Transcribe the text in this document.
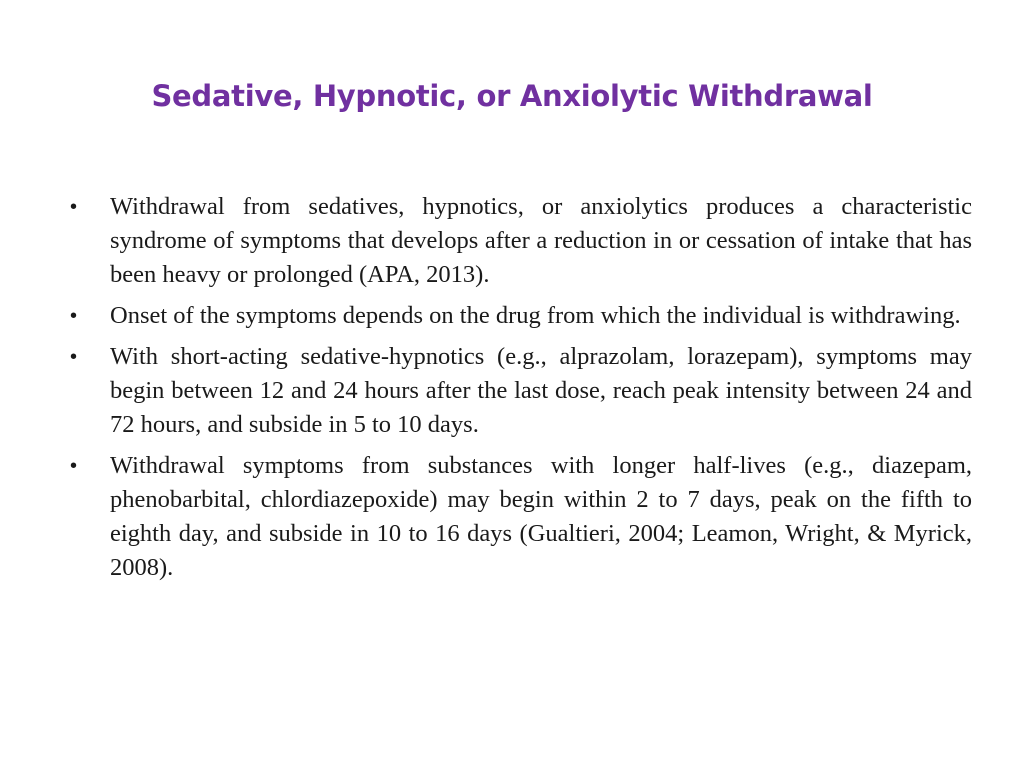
Sedative, Hypnotic, or Anxiolytic Withdrawal
•	Withdrawal from sedatives, hypnotics, or anxiolytics produces a characteristic syndrome of symptoms that develops after a reduction in or cessation of intake that has been heavy or prolonged (APA, 2013).
•	Onset of the symptoms depends on the drug from which the individual is withdrawing.
•	With short-acting sedative-hypnotics (e.g., alprazolam, lorazepam), symptoms may begin between 12 and 24 hours after the last dose, reach peak intensity between 24 and 72 hours, and subside in 5 to 10 days.
•	Withdrawal symptoms from substances with longer half-lives (e.g., diazepam, phenobarbital, chlordiazepoxide) may begin within 2 to 7 days, peak on the fifth to eighth day, and subside in 10 to 16 days (Gualtieri, 2004; Leamon, Wright, & Myrick, 2008).
